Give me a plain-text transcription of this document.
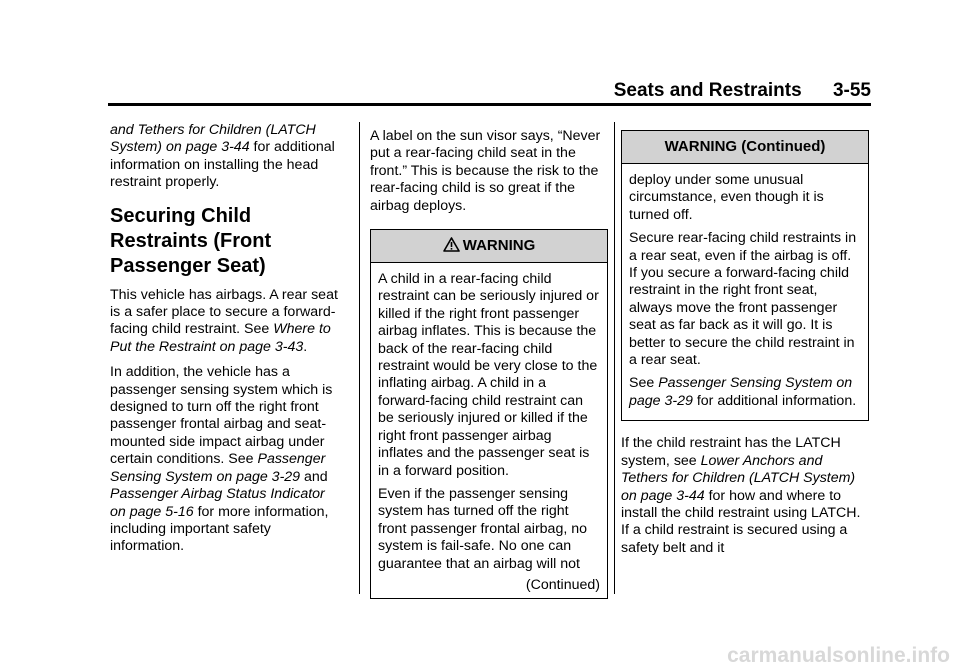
Seats and Restraints 3-55

and Tethers for Children (LATCH System) on page 3-44 for additional information on installing the head restraint properly.

Securing Child Restraints (Front Passenger Seat)

This vehicle has airbags. A rear seat is a safer place to secure a forward-facing child restraint. See Where to Put the Restraint on page 3-43.

In addition, the vehicle has a passenger sensing system which is designed to turn off the right front passenger frontal airbag and seat-mounted side impact airbag under certain conditions. See Passenger Sensing System on page 3-29 and Passenger Airbag Status Indicator on page 5-16 for more information, including important safety information.

A label on the sun visor says, “Never put a rear-facing child seat in the front.” This is because the risk to the rear-facing child is so great if the airbag deploys.

WARNING

A child in a rear-facing child restraint can be seriously injured or killed if the right front passenger airbag inflates. This is because the back of the rear-facing child restraint would be very close to the inflating airbag. A child in a forward-facing child restraint can be seriously injured or killed if the right front passenger airbag inflates and the passenger seat is in a forward position.

Even if the passenger sensing system has turned off the right front passenger frontal airbag, no system is fail-safe. No one can guarantee that an airbag will not

(Continued)
WARNING (Continued)

deploy under some unusual circumstance, even though it is turned off.

Secure rear-facing child restraints in a rear seat, even if the airbag is off. If you secure a forward-facing child restraint in the right front seat, always move the front passenger seat as far back as it will go. It is better to secure the child restraint in a rear seat.

See Passenger Sensing System on page 3-29 for additional information.

If the child restraint has the LATCH system, see Lower Anchors and Tethers for Children (LATCH System) on page 3-44 for how and where to install the child restraint using LATCH. If a child restraint is secured using a safety belt and it

carmanualsonline.info
